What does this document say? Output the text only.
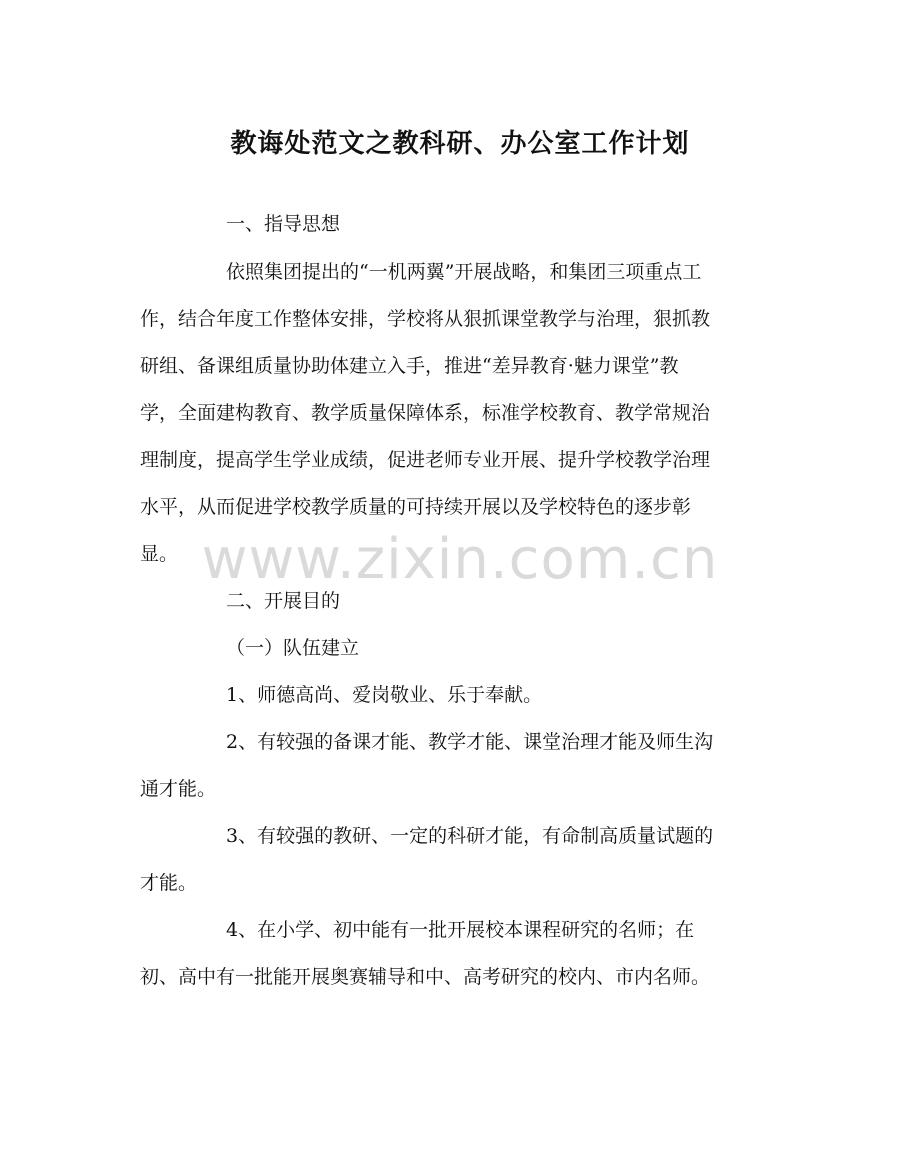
教诲处范文之教科研、办公室工作计划
一、指导思想
依照集团提出的“一机两翼”开展战略，和集团三项重点工
作，结合年度工作整体安排，学校将从狠抓课堂教学与治理，狠抓教
研组、备课组质量协助体建立入手，推进“差异教育·魅力课堂”教
学，全面建构教育、教学质量保障体系，标准学校教育、教学常规治
理制度，提高学生学业成绩，促进老师专业开展、提升学校教学治理
水平，从而促进学校教学质量的可持续开展以及学校特色的逐步彰
显。
二、开展目的
（一）队伍建立
1、师德高尚、爱岗敬业、乐于奉献。
2、有较强的备课才能、教学才能、课堂治理才能及师生沟
通才能。
3、有较强的教研、一定的科研才能，有命制高质量试题的
才能。
4、在小学、初中能有一批开展校本课程研究的名师；在
初、高中有一批能开展奥赛辅导和中、高考研究的校内、市内名师。
www.zixin.com.cn
